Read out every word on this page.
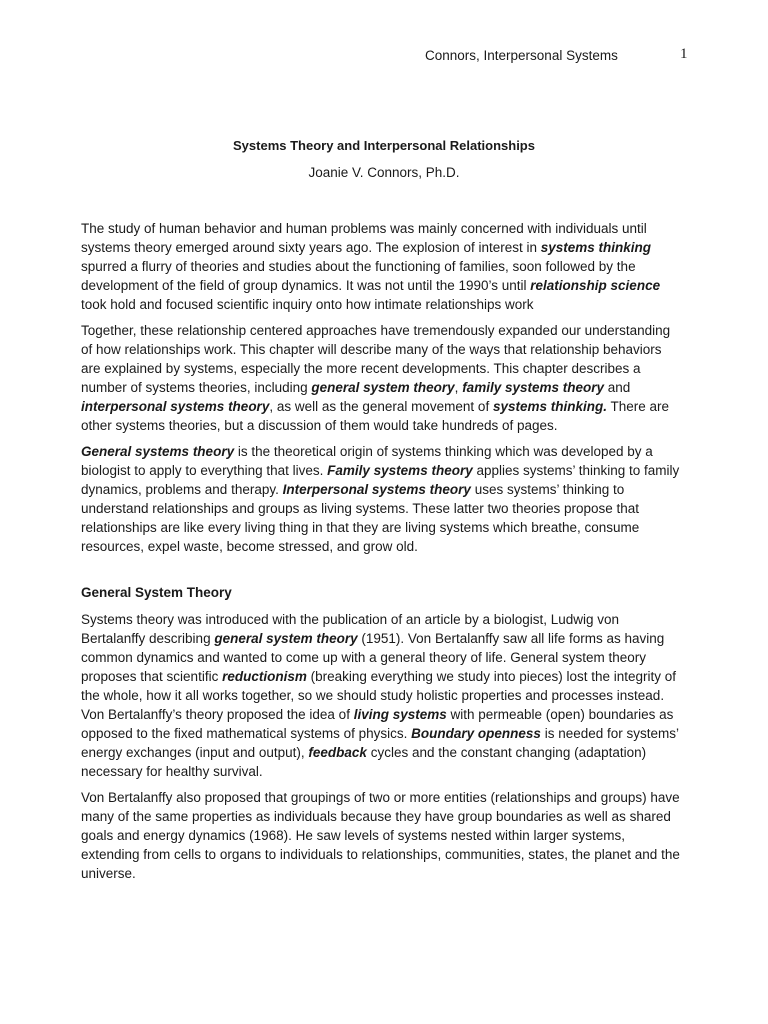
Connors, Interpersonal Systems	1
Systems Theory and Interpersonal Relationships
Joanie V. Connors, Ph.D.

The study of human behavior and human problems was mainly concerned with individuals until systems theory emerged around sixty years ago. The explosion of interest in systems thinking spurred a flurry of theories and studies about the functioning of families, soon followed by the development of the field of group dynamics. It was not until the 1990’s until relationship science took hold and focused scientific inquiry onto how intimate relationships work

Together, these relationship centered approaches have tremendously expanded our understanding of how relationships work. This chapter will describe many of the ways that relationship behaviors are explained by systems, especially the more recent developments. This chapter describes a number of systems theories, including general system theory, family systems theory and interpersonal systems theory, as well as the general movement of systems thinking. There are other systems theories, but a discussion of them would take hundreds of pages.

General systems theory is the theoretical origin of systems thinking which was developed by a biologist to apply to everything that lives. Family systems theory applies systems’ thinking to family dynamics, problems and therapy. Interpersonal systems theory uses systems’ thinking to understand relationships and groups as living systems. These latter two theories propose that relationships are like every living thing in that they are living systems which breathe, consume resources, expel waste, become stressed, and grow old.

General System Theory

Systems theory was introduced with the publication of an article by a biologist, Ludwig von Bertalanffy describing general system theory (1951). Von Bertalanffy saw all life forms as having common dynamics and wanted to come up with a general theory of life. General system theory proposes that scientific reductionism (breaking everything we study into pieces) lost the integrity of the whole, how it all works together, so we should study holistic properties and processes instead. Von Bertalanffy’s theory proposed the idea of living systems with permeable (open) boundaries as opposed to the fixed mathematical systems of physics. Boundary openness is needed for systems’ energy exchanges (input and output), feedback cycles and the constant changing (adaptation) necessary for healthy survival.

Von Bertalanffy also proposed that groupings of two or more entities (relationships and groups) have many of the same properties as individuals because they have group boundaries as well as shared goals and energy dynamics (1968). He saw levels of systems nested within larger systems, extending from cells to organs to individuals to relationships, communities, states, the planet and the universe.
